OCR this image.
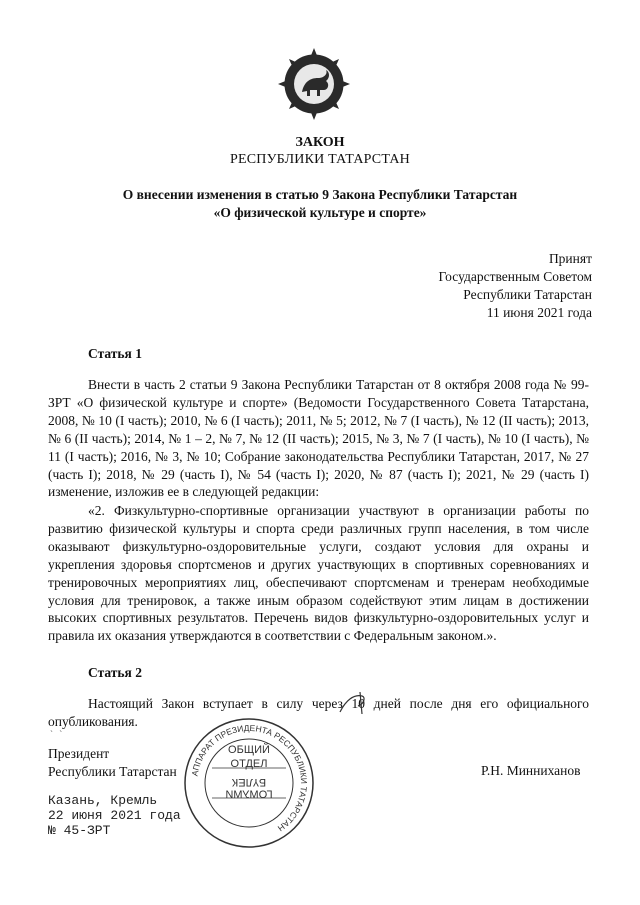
ЗАКОН
РЕСПУБЛИКИ ТАТАРСТАН
О внесении изменения в статью 9 Закона Республики Татарстан
«О физической культуре и спорте»
Принят
Государственным Советом
Республики Татарстан
11 июня 2021 года
Статья 1

Внести в часть 2 статьи 9 Закона Республики Татарстан от 8 октября 2008 года № 99-ЗРТ «О физической культуре и спорте» (Ведомости Государственного Совета Татарстана, 2008, № 10 (I часть); 2010, № 6 (I часть); 2011, № 5; 2012, № 7 (I часть), № 12 (II часть); 2013, № 6 (II часть); 2014, № 1 – 2, № 7, № 12 (II часть); 2015, № 3, № 7 (I часть), № 10 (I часть), № 11 (I часть); 2016, № 3, № 10; Собрание законодательства Республики Татарстан, 2017, № 27 (часть I); 2018, № 29 (часть I), № 54 (часть I); 2020, № 87 (часть I); 2021, № 29 (часть I) изменение, изложив ее в следующей редакции:

«2. Физкультурно-спортивные организации участвуют в организации работы по развитию физической культуры и спорта среди различных групп населения, в том числе оказывают физкультурно-оздоровительные услуги, создают условия для охраны и укрепления здоровья спортсменов и других участвующих в спортивных соревнованиях и тренировочных мероприятиях лиц, обеспечивают спортсменам и тренерам необходимые условия для тренировок, а также иным образом содействуют этим лицам в достижении высоких спортивных результатов. Перечень видов физкультурно-оздоровительных услуг и правила их оказания утверждаются в соответствии с Федеральным законом.».

Статья 2

Настоящий Закон вступает в силу через 10 дней после дня его официального опубликования.

` `
Президент
Республики Татарстан	Р.Н. Минниханов
АППАРАТ ПРЕЗИДЕНТА РЕСПУБЛИКИ ТАТАРСТАН
ОБЩИЙ
ОТДЕЛ
БҮЛЕК
ГОМУМИ
Казань, Кремль
22 июня 2021 года
№ 45-ЗРТ
